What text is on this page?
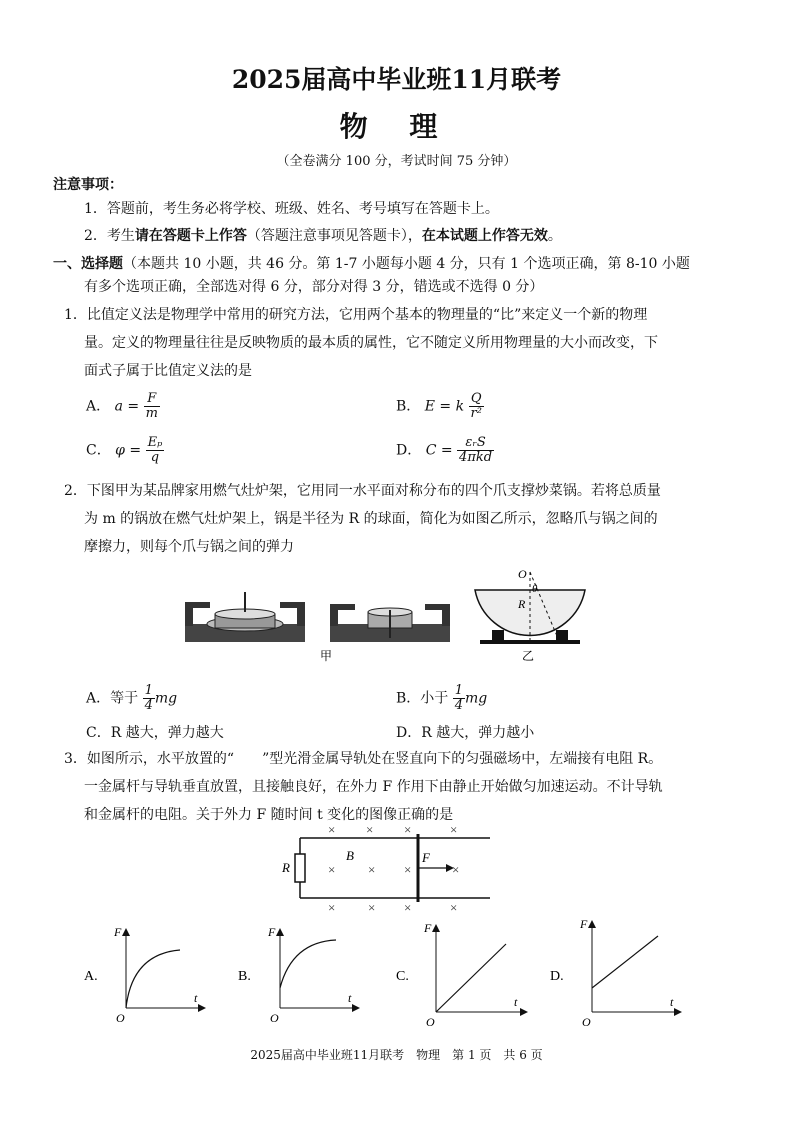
2025届高中毕业班11月联考
物 理
（全卷满分 100 分，考试时间 75 分钟）
注意事项：
1．答题前，考生务必将学校、班级、姓名、考号填写在答题卡上。
2．考生请在答题卡上作答（答题注意事项见答题卡），在本试题上作答无效。
一、选择题（本题共 10 小题，共 46 分。第 1-7 小题每小题 4 分，只有 1 个选项正确，第 8-10 小题
有多个选项正确，全部选对得 6 分，部分对得 3 分，错选或不选得 0 分）
1．比值定义法是物理学中常用的研究方法，它用两个基本的物理量的“比”来定义一个新的物理
量。定义的物理量往往是反映物质的最本质的属性，它不随定义所用物理量的大小而改变，下
面式子属于比值定义法的是
A． $a = \frac{F}{m}$	B． E = k $\frac{Q}{\text{r²}}$
C． $\varphi = \frac{\text{Eₚ}}{q}$	D． $C = \frac{\text{εᵣS}}{\text{4πkd}}$
2．下图甲为某品牌家用燃气灶炉架，它用同一水平面对称分布的四个爪支撑炒菜锅。若将总质量
为 m 的锅放在燃气灶炉架上，锅是半径为 R 的球面，简化为如图乙所示，忽略爪与锅之间的
摩擦力，则每个爪与锅之间的弹力
甲
O
θ
R
乙
A．等于 $\frac{1}{4}$ mg	B．小于 $\frac{1}{4}$ mg
C．R 越大，弹力越大	D．R 越大，弹力越小
3．如图所示，水平放置的“　　”型光滑金属导轨处在竖直向下的匀强磁场中，左端接有电阻 R。
一金属杆与导轨垂直放置，且接触良好，在外力 F 作用下由静止开始做匀加速运动。不计导轨
和金属杆的电阻。关于外力 F 随时间 t 变化的图像正确的是
R
B	F
× × ×	×
×	× ×	×
×	× ×	×
A.
F
t
O
B.
F
t
O
C.
F
t
O
D.
F
t
O
2025届高中毕业班11月联考　物理　第 1 页　共 6 页
